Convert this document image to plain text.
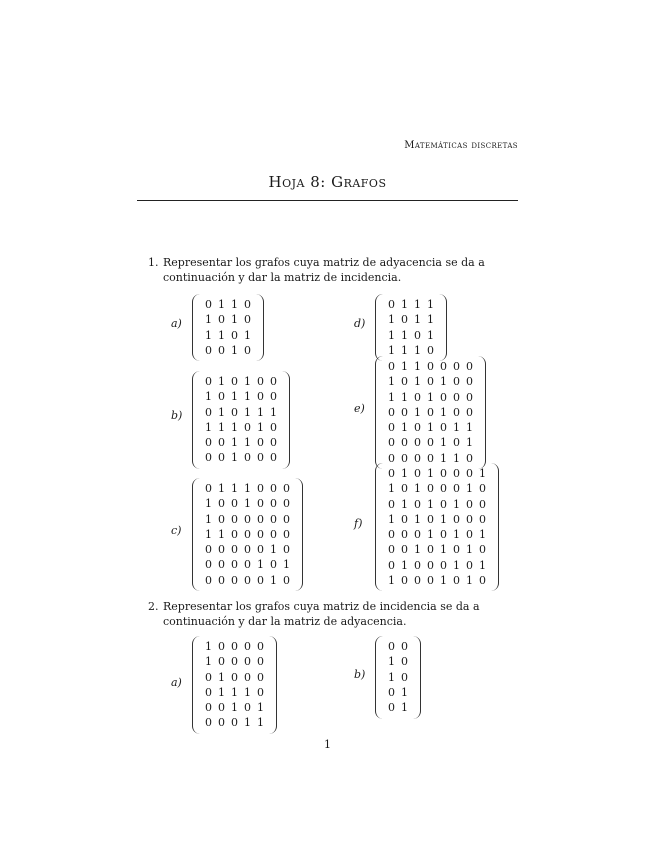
Matemáticas discretas
Hoja 8: Grafos
1. Representar los grafos cuya matriz de adyacencia se da a continuación y dar la matriz de incidencia.
a)
0 1 1 0
1 0 1 0
1 1 0 1
0 0 1 0
d)
0 1 1 1
1 0 1 1
1 1 0 1
1 1 1 0
b)
0 1 0 1 0 0
1 0 1 1 0 0
0 1 0 1 1 1
1 1 1 0 1 0
0 0 1 1 0 0
0 0 1 0 0 0
e)
0 1 1 0 0 0 0
1 0 1 0 1 0 0
1 1 0 1 0 0 0
0 0 1 0 1 0 0
0 1 0 1 0 1 1
0 0 0 0 1 0 1
0 0 0 0 1 1 0
c)
0 1 1 1 0 0 0
1 0 0 1 0 0 0
1 0 0 0 0 0 0
1 1 0 0 0 0 0
0 0 0 0 0 1 0
0 0 0 0 1 0 1
0 0 0 0 0 1 0
f)
0 1 0 1 0 0 0 1
1 0 1 0 0 0 1 0
0 1 0 1 0 1 0 0
1 0 1 0 1 0 0 0
0 0 0 1 0 1 0 1
0 0 1 0 1 0 1 0
0 1 0 0 0 1 0 1
1 0 0 0 1 0 1 0
2. Representar los grafos cuya matriz de incidencia se da a continuación y dar la matriz de adyacencia.
a)
1 0 0 0 0
1 0 0 0 0
0 1 0 0 0
0 1 1 1 0
0 0 1 0 1
0 0 0 1 1
b)
0 0
1 0
1 0
0 1
0 1
1
